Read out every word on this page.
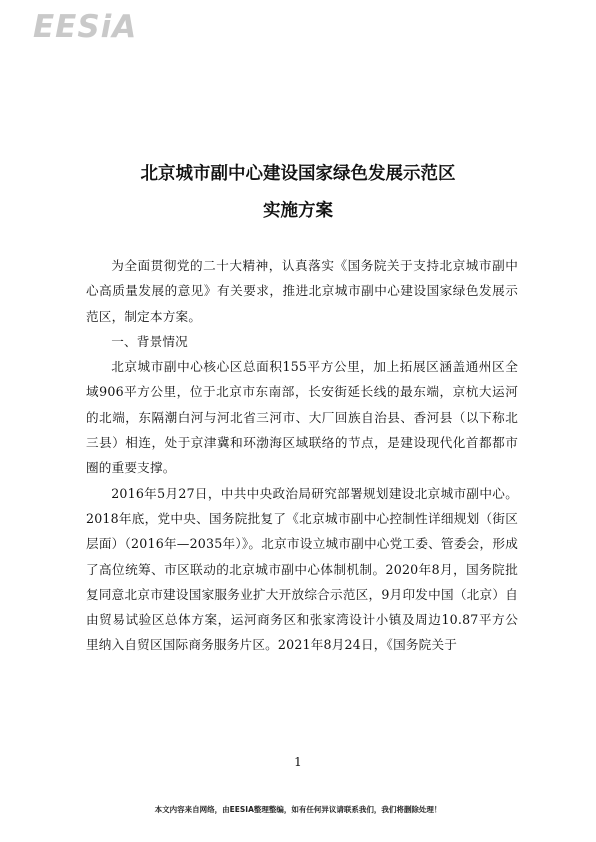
EESiA
北京城市副中心建设国家绿色发展示范区
实施方案

为全面贯彻党的二十大精神，认真落实《国务院关于支持北京城市副中心高质量发展的意见》有关要求，推进北京城市副中心建设国家绿色发展示范区，制定本方案。

一、背景情况

北京城市副中心核心区总面积155平方公里，加上拓展区涵盖通州区全域906平方公里，位于北京市东南部，长安街延长线的最东端，京杭大运河的北端，东隔潮白河与河北省三河市、大厂回族自治县、香河县（以下称北三县）相连，处于京津冀和环渤海区域联络的节点，是建设现代化首都都市圈的重要支撑。

2016年5月27日，中共中央政治局研究部署规划建设北京城市副中心。2018年底，党中央、国务院批复了《北京城市副中心控制性详细规划（街区层面）（2016年—2035年）》。北京市设立城市副中心党工委、管委会，形成了高位统筹、市区联动的北京城市副中心体制机制。2020年8月，国务院批复同意北京市建设国家服务业扩大开放综合示范区，9月印发中国（北京）自由贸易试验区总体方案，运河商务区和张家湾设计小镇及周边10.87平方公里纳入自贸区国际商务服务片区。2021年8月24日，《国务院关于

1
本文内容来自网络，由EESIA整理整编，如有任何异议请联系我们，我们将删除处理！
